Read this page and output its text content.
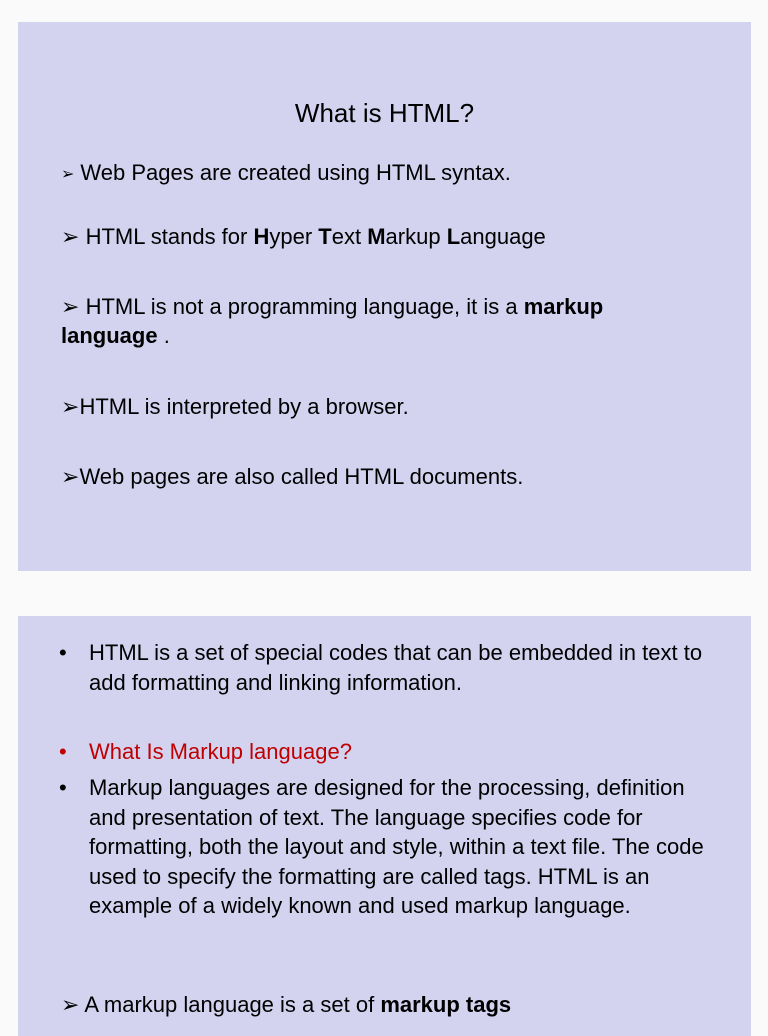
What is HTML?
➢ Web Pages are created using HTML syntax.
➢ HTML stands for Hyper Text Markup Language
➢ HTML is not a programming language, it is a markup language .
➢HTML is interpreted by a browser.
➢Web pages are also called HTML documents.
•	HTML is a set of special codes that can be embedded in text to add formatting and linking information.
•	What Is Markup language?
•	Markup languages are designed for the processing, definition and presentation of text. The language specifies code for formatting, both the layout and style, within a text file. The code used to specify the formatting are called tags. HTML is an example of a widely known and used markup language.
➢ A markup language is a set of markup tags
